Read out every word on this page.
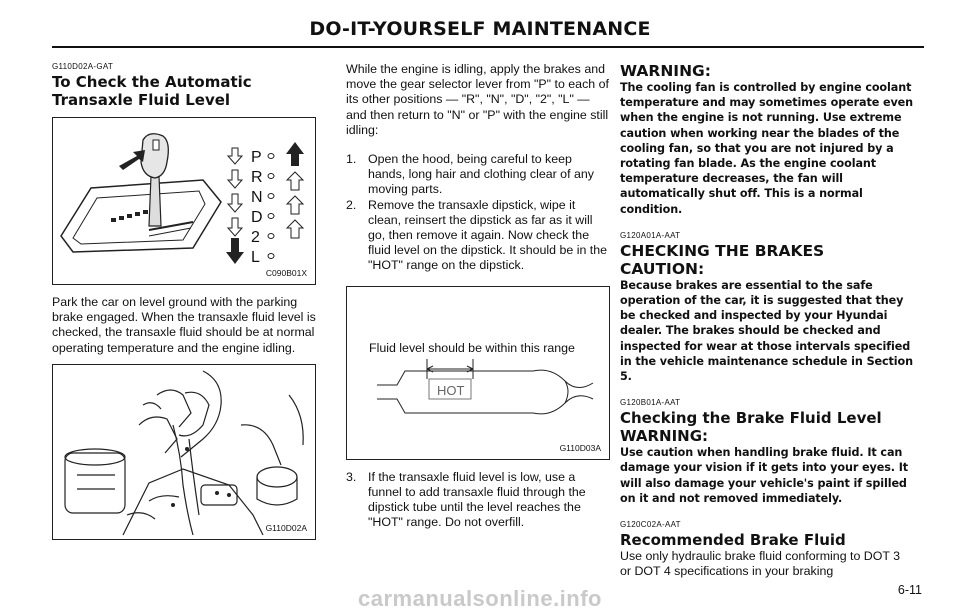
DO-IT-YOURSELF MAINTENANCE

G110D02A-GAT

To Check the Automatic Transaxle Fluid Level
P
R
N
D
2
L
C090B01X

Park the car on level ground with the parking brake engaged. When the transaxle fluid level is checked, the transaxle fluid should be at normal operating temperature and the engine idling.

G110D02A

While the engine is idling, apply the brakes and move the gear selector lever from "P" to each of its other positions — "R", "N", "D", "2", "L" — and then return to "N" or "P" with the engine still idling:

1. Open the hood, being careful to keep hands, long hair and clothing clear of any moving parts.
2. Remove the transaxle dipstick, wipe it clean, reinsert the dipstick as far as it will go, then remove it again. Now check the fluid level on the dipstick. It should be in the "HOT" range on the dipstick.
Fluid level should be within this range
HOT
G110D03A
3. If the transaxle fluid level is low, use a funnel to add transaxle fluid through the dipstick tube until the level reaches the "HOT" range. Do not overfill.
WARNING:

The cooling fan is controlled by engine coolant temperature and may sometimes operate even when the engine is not running. Use extreme caution when working near the blades of the cooling fan, so that you are not injured by a rotating fan blade. As the engine coolant temperature decreases, the fan will automatically shut off. This is a normal condition.

G120A01A-AAT

CHECKING THE BRAKES
CAUTION:

Because brakes are essential to the safe operation of the car, it is suggested that they be checked and inspected by your Hyundai dealer. The brakes should be checked and inspected for wear at those intervals specified in the vehicle maintenance schedule in Section 5.

G120B01A-AAT

Checking the Brake Fluid Level
WARNING:

Use caution when handling brake fluid. It can damage your vision if it gets into your eyes. It will also damage your vehicle's paint if spilled on it and not removed immediately.

G120C02A-AAT

Recommended Brake Fluid

Use only hydraulic brake fluid conforming to DOT 3 or DOT 4 specifications in your braking

6-11
carmanualsonline.info
